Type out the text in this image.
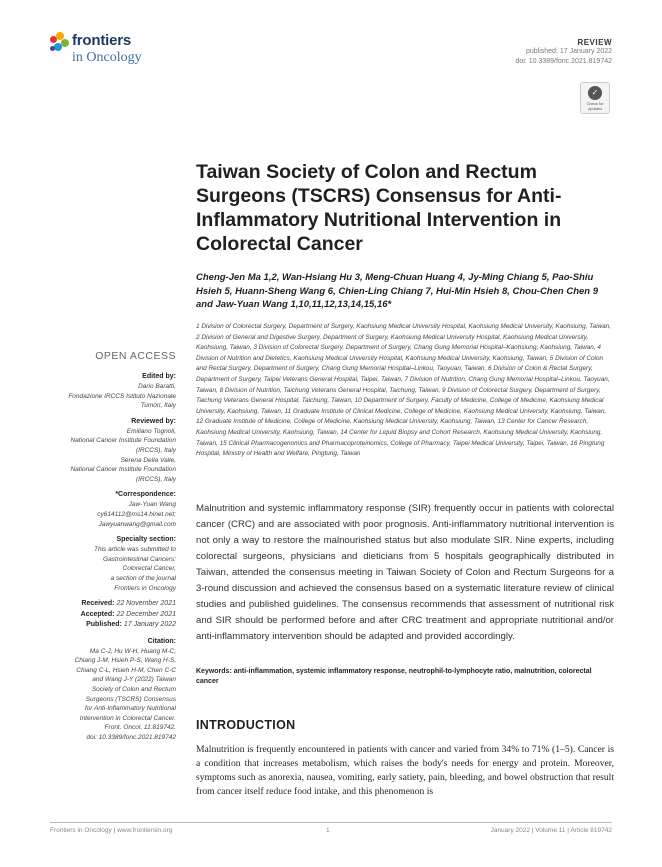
frontiers
in Oncology
REVIEW
published: 17 January 2022
doi: 10.3389/fonc.2021.819742
✓
Check for updates
Taiwan Society of Colon and Rectum Surgeons (TSCRS) Consensus for Anti-Inflammatory Nutritional Intervention in Colorectal Cancer
Cheng-Jen Ma 1,2, Wan-Hsiang Hu 3, Meng-Chuan Huang 4, Jy-Ming Chiang 5, Pao-Shiu Hsieh 5, Huann-Sheng Wang 6, Chien-Ling Chiang 7, Hui-Min Hsieh 8, Chou-Chen Chen 9 and Jaw-Yuan Wang 1,10,11,12,13,14,15,16*
1 Division of Colorectal Surgery, Department of Surgery, Kaohsiung Medical University Hospital, Kaohsiung Medical University, Kaohsiung, Taiwan, 2 Division of General and Digestive Surgery, Department of Surgery, Kaohsiung Medical University Hospital, Kaohsiung Medical University, Kaohsiung, Taiwan, 3 Division of Colorectal Surgery, Department of Surgery, Chang Gung Memorial Hospital–Kaohsiung, Kaohsiung, Taiwan, 4 Division of Nutrition and Dietetics, Kaohsiung Medical University Hospital, Kaohsiung Medical University, Kaohsiung, Taiwan, 5 Division of Colon and Rectal Surgery, Department of Surgery, Chang Gung Memorial Hospital–Linkou, Taoyuan, Taiwan, 6 Division of Colon & Rectal Surgery, Department of Surgery, Taipei Veterans General Hospital, Taipei, Taiwan, 7 Division of Nutrition, Chang Gung Memorial Hospital–Linkou, Taoyuan, Taiwan, 8 Division of Nutrition, Taichung Veterans General Hospital, Taichung, Taiwan, 9 Division of Colorectal Surgery, Department of Surgery, Taichung Veterans General Hospital, Taichung, Taiwan, 10 Department of Surgery, Faculty of Medicine, College of Medicine, Kaohsiung Medical University, Kaohsiung, Taiwan, 11 Graduate Institute of Clinical Medicine, College of Medicine, Kaohsiung Medical University, Kaohsiung, Taiwan, 12 Graduate Institute of Medicine, College of Medicine, Kaohsiung Medical University, Kaohsiung, Taiwan, 13 Center for Cancer Research, Kaohsiung Medical University, Kaohsiung, Taiwan, 14 Center for Liquid Biopsy and Cohort Research, Kaohsiung Medical University, Kaohsiung, Taiwan, 15 Clinical Pharmacogenomics and Pharmacoproteinomics, College of Pharmacy, Taipei Medical University, Taipei, Taiwan, 16 Pingtung Hospital, Ministry of Health and Welfare, Pingtung, Taiwan
OPEN ACCESS
Edited by:
Dario Baratti,
Fondazione IRCCS Istituto Nazionale
Tumori, Italy
Reviewed by:
Emiliano Tognoli,
National Cancer Institute Foundation
(IRCCS), Italy
Serena Della Valle,
National Cancer Institute Foundation
(IRCCS), Italy
*Correspondence:
Jaw-Yuan Wang
cy614112@ms14.hinet.net;
Jawyuanwang@gmail.com
Specialty section:
This article was submitted to
Gastrointestinal Cancers:
Colorectal Cancer,
a section of the journal
Frontiers in Oncology
Received: 22 November 2021
Accepted: 22 December 2021
Published: 17 January 2022
Citation:
Ma C-J, Hu W-H, Huang M-C,
Chiang J-M, Hsieh P-S, Wang H-S,
Chiang C-L, Hsieh H-M, Chen C-C
and Wang J-Y (2022) Taiwan
Society of Colon and Rectum
Surgeons (TSCRS) Consensus
for Anti-Inflammatory Nutritional
Intervention in Colorectal Cancer.
Front. Oncol. 11:819742.
doi: 10.3389/fonc.2021.819742

Malnutrition and systemic inflammatory response (SIR) frequently occur in patients with colorectal cancer (CRC) and are associated with poor prognosis. Anti-inflammatory nutritional intervention is not only a way to restore the malnourished status but also modulate SIR. Nine experts, including colorectal surgeons, physicians and dieticians from 5 hospitals geographically distributed in Taiwan, attended the consensus meeting in Taiwan Society of Colon and Rectum Surgeons for a 3-round discussion and achieved the consensus based on a systematic literature review of clinical studies and published guidelines. The consensus recommends that assessment of nutritional risk and SIR should be performed before and after CRC treatment and appropriate nutritional and/or anti-inflammatory intervention should be adapted and provided accordingly.

Keywords: anti-inflammation, systemic inflammatory response, neutrophil-to-lymphocyte ratio, malnutrition, colorectal cancer

INTRODUCTION

Malnutrition is frequently encountered in patients with cancer and varied from 34% to 71% (1–5). Cancer is a condition that increases metabolism, which raises the body's needs for energy and protein. Moreover, symptoms such as anorexia, nausea, vomiting, early satiety, pain, bleeding, and bowel obstruction that result from cancer itself reduce food intake, and this phenomenon is

Frontiers in Oncology | www.frontiersin.org	1	January 2022 | Volume 11 | Article 819742
